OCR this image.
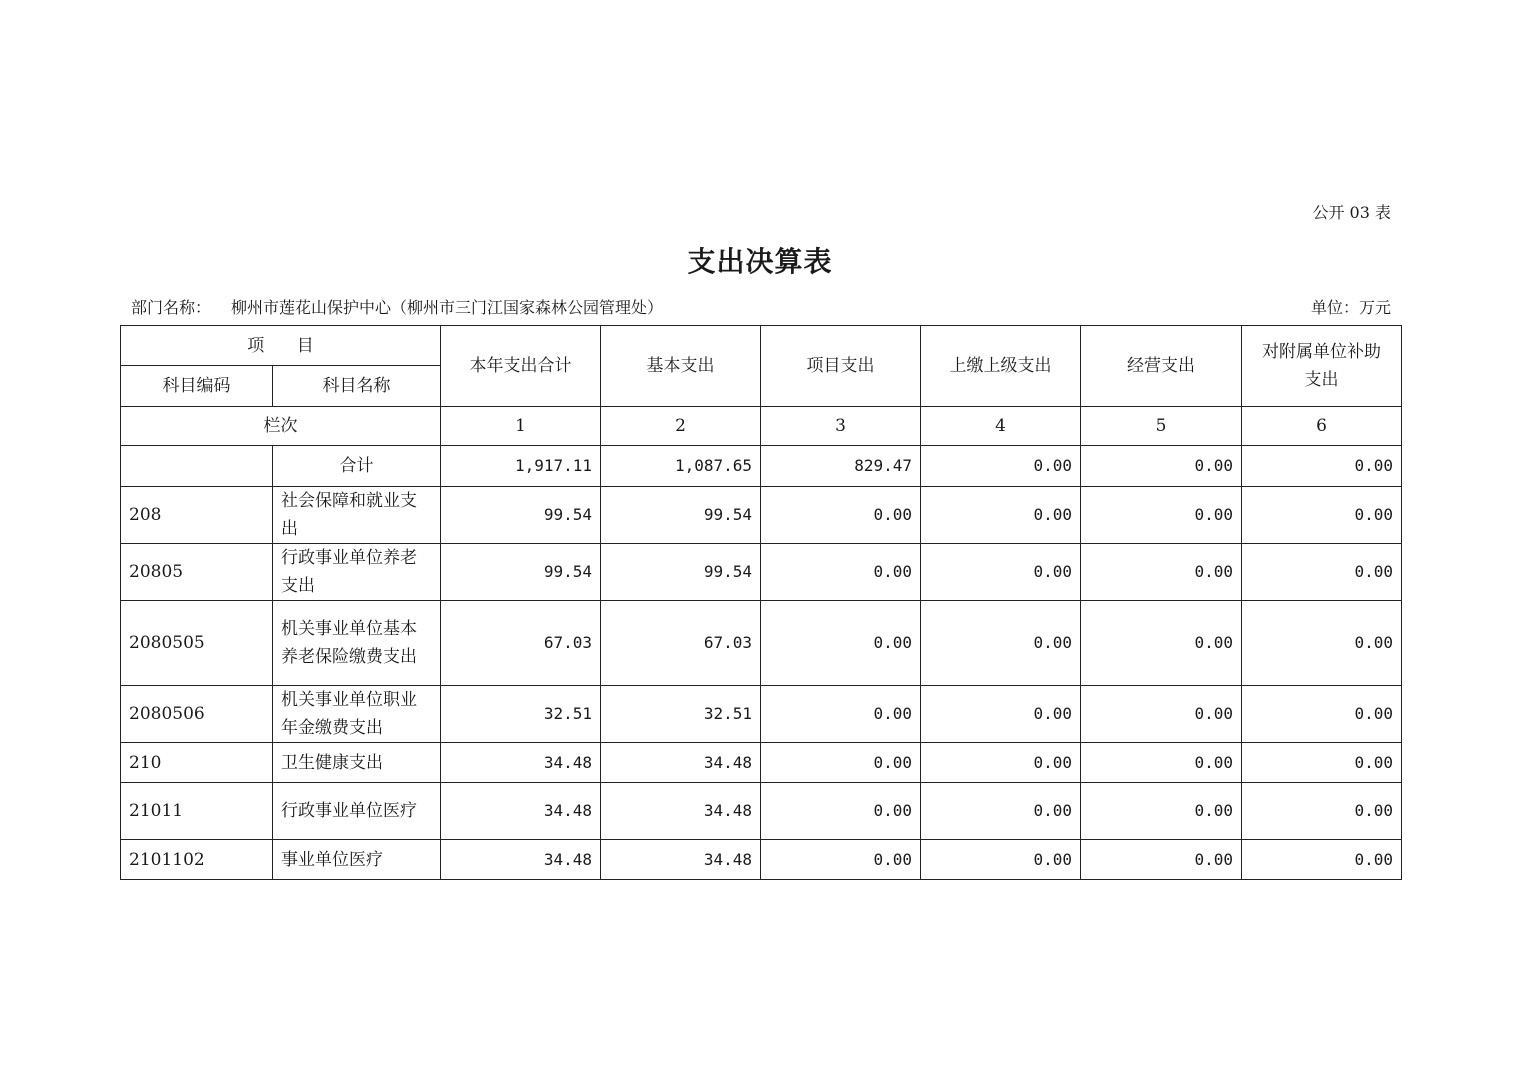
公开 03 表
支出决算表
部门名称： 柳州市莲花山保护中心（柳州市三门江国家森林公园管理处）	单位：万元
项      目		本年支出合计	基本支出	项目支出	上缴上级支出	经营支出	对附属单位补助支出
科目编码	科目名称						
栏次		1	2	3	4	5	6
	合计	1,917.11	1,087.65	829.47	0.00	0.00	0.00
208	社会保障和就业支出	99.54	99.54	0.00	0.00	0.00	0.00
20805	行政事业单位养老支出	99.54	99.54	0.00	0.00	0.00	0.00
2080505	机关事业单位基本养老保险缴费支出	67.03	67.03	0.00	0.00	0.00	0.00
2080506	机关事业单位职业年金缴费支出	32.51	32.51	0.00	0.00	0.00	0.00
210	卫生健康支出	34.48	34.48	0.00	0.00	0.00	0.00
21011	行政事业单位医疗	34.48	34.48	0.00	0.00	0.00	0.00
2101102	事业单位医疗	34.48	34.48	0.00	0.00	0.00	0.00
